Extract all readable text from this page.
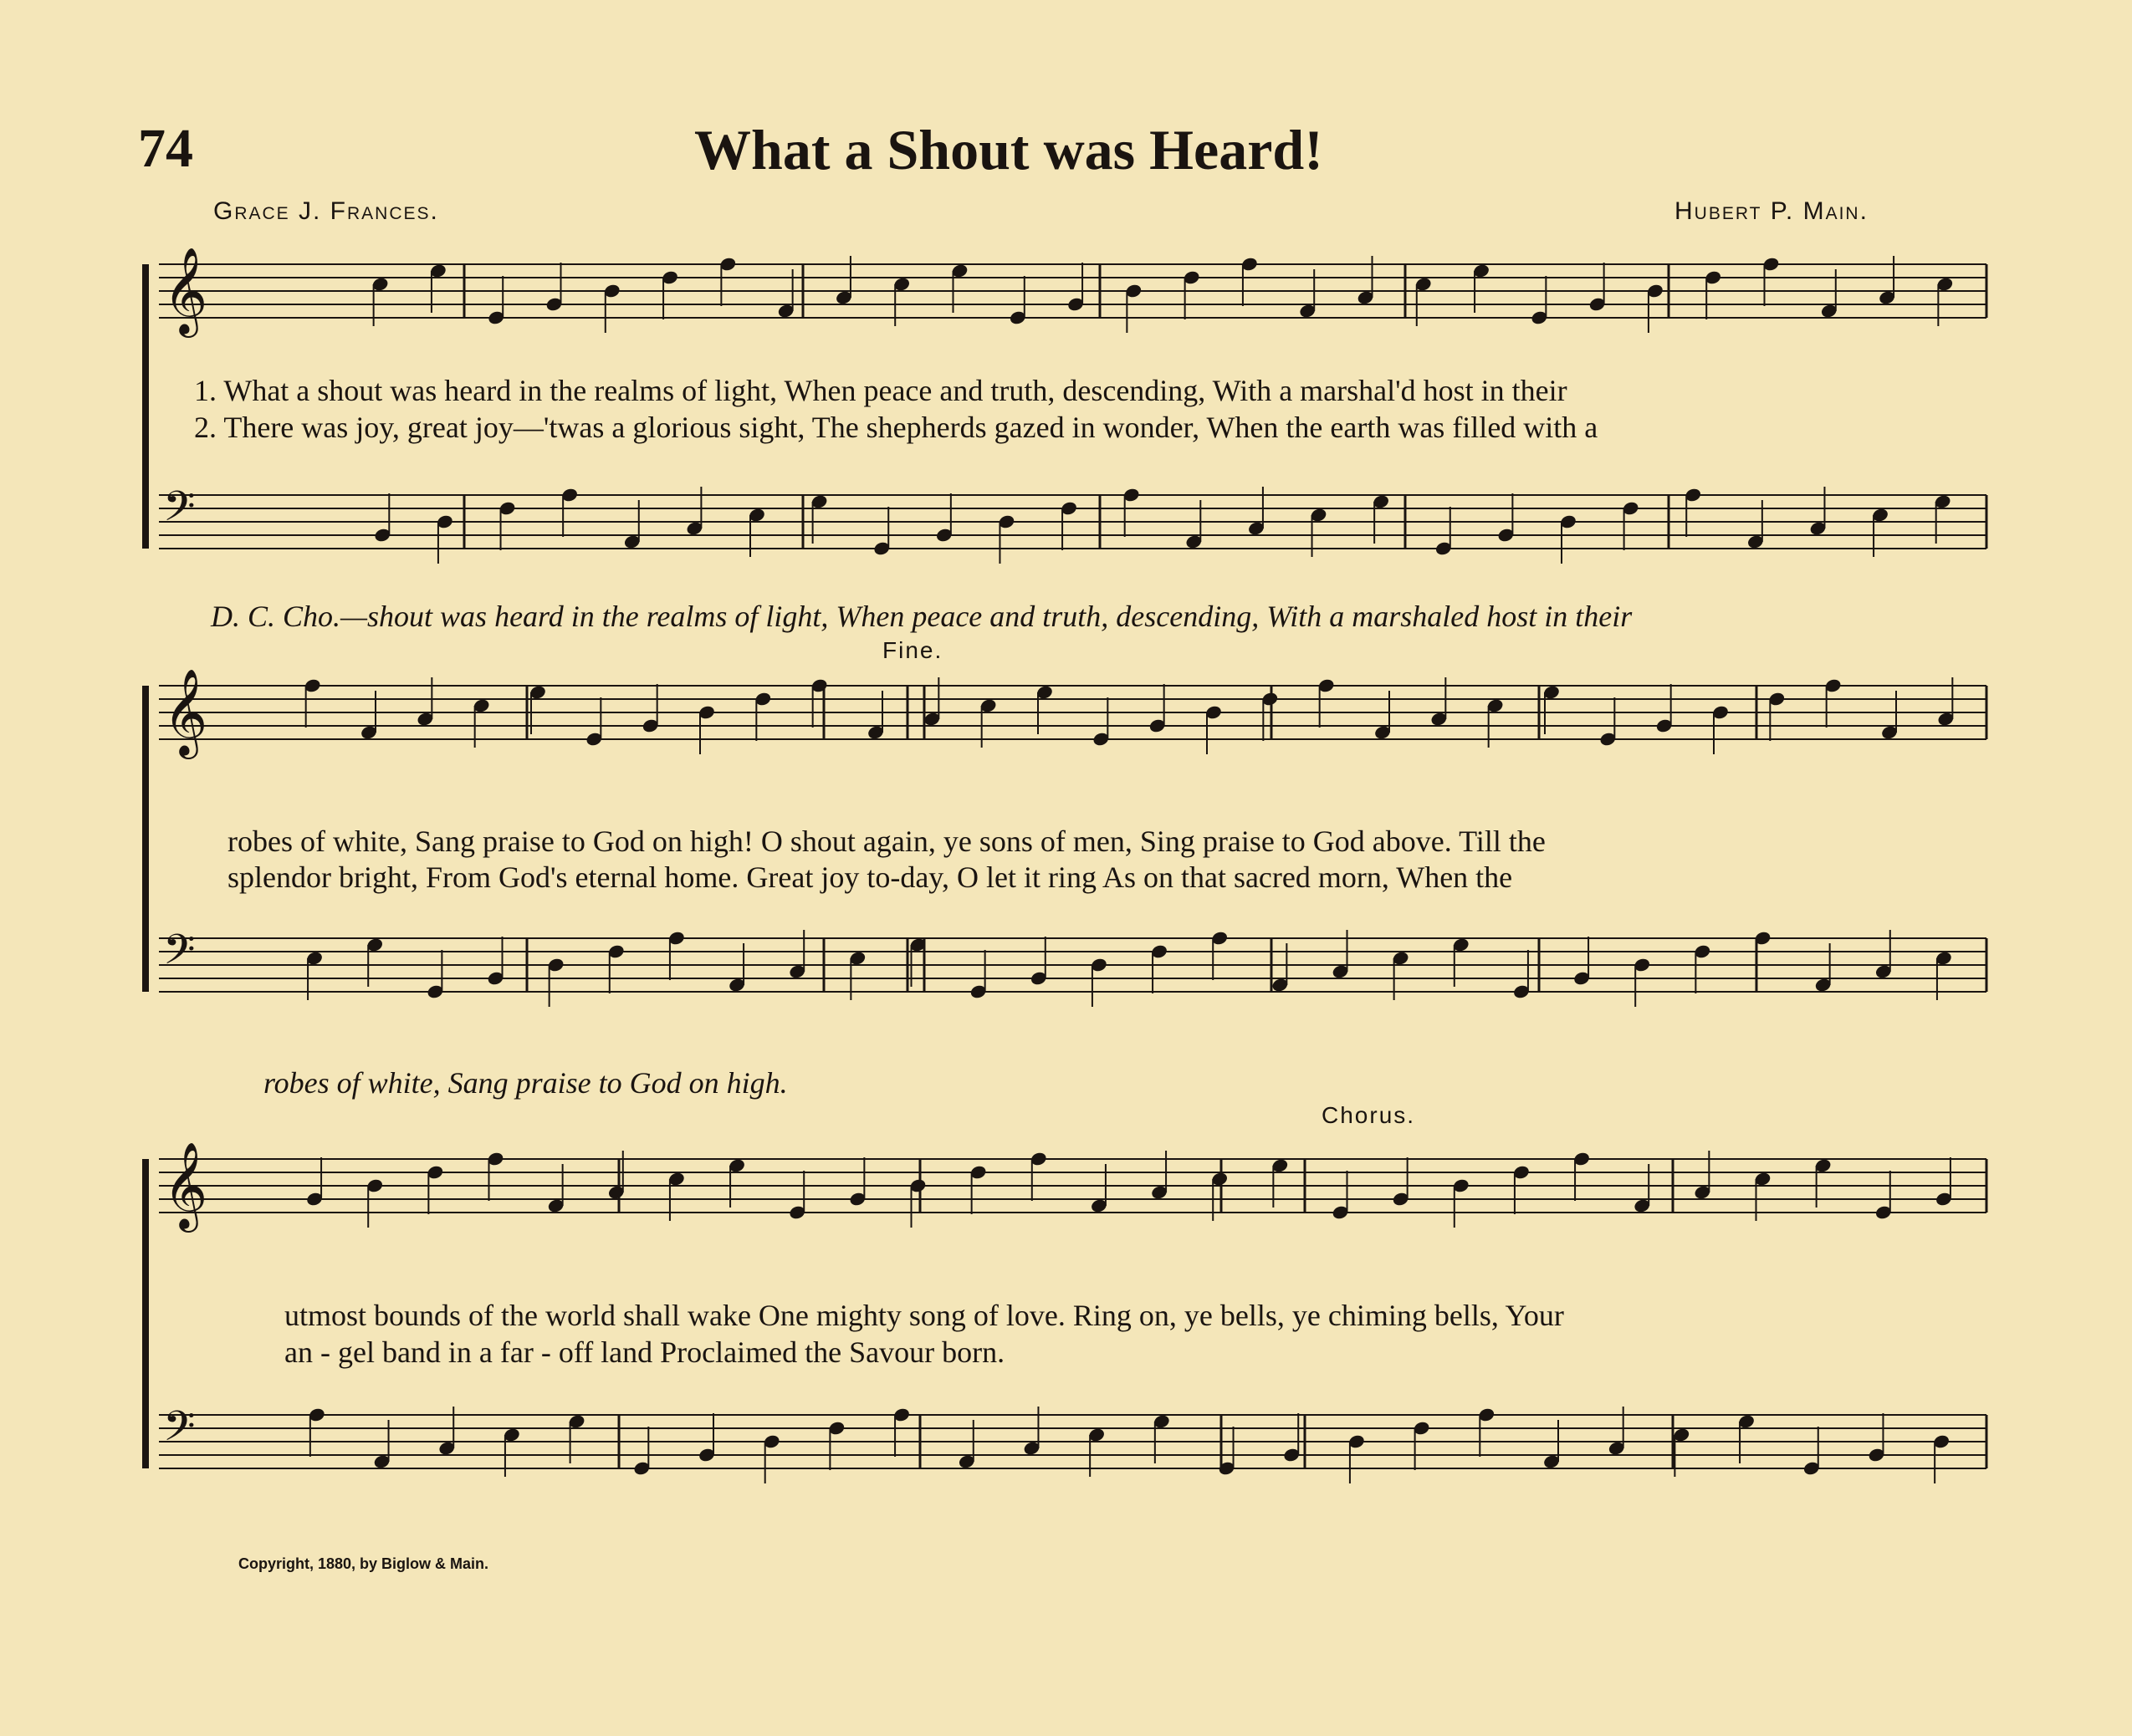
𝄞
𝄢
𝄞
𝄢
𝄞
𝄢
74	What a Shout was Heard!
Grace J. Frances.	Hubert P. Main.
1. What a shout was heard in the realms of light, When peace and truth, descending, With a marshal'd host in their
2. There was joy, great joy—'twas a glorious sight, The shepherds gazed in wonder, When the earth was filled with a
D. C. Cho.—shout was heard in the realms of light, When peace and truth, descending, With a marshaled host in their
Fine.
robes of white, Sang praise to God on high! O shout again, ye sons of men, Sing praise to God above. Till the
splendor bright, From God's eternal home. Great joy to-day, O let it ring As on that sacred morn, When the
robes of white, Sang praise to God on high.
Chorus.
utmost bounds of the world shall wake One mighty song of love. Ring on, ye bells, ye chiming bells, Your
an - gel band in a far - off land Proclaimed the Savour born.
Copyright, 1880, by Biglow & Main.
